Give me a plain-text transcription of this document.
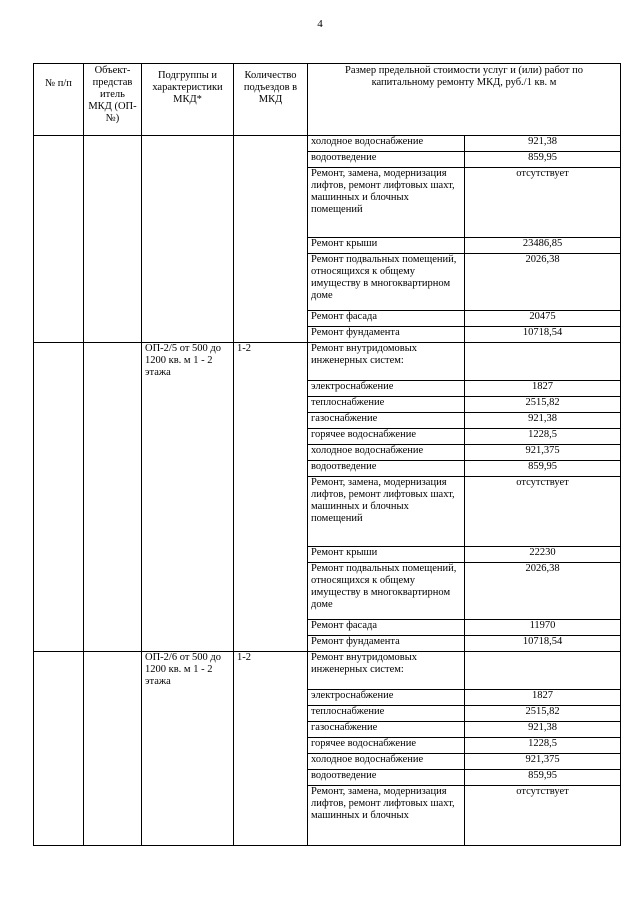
4
№ п/п	Объект-представ итель МКД (ОП-№)	Подгруппы и характеристики МКД*	Количество подъездов в МКД	Размер предельной стоимости услуг и (или) работ по капитальному ремонту МКД, руб./1 кв. м	
				холодное водоснабжение	921,38
				водоотведение	859,95
				Ремонт, замена, модернизация лифтов, ремонт лифтовых шахт, машинных и блочных помещений	отсутствует
				Ремонт крыши	23486,85
				Ремонт подвальных помещений, относящихся к общему имуществу в многоквартирном доме	2026,38
				Ремонт фасада	20475
				Ремонт фундамента	10718,54
		ОП-2/5 от 500 до 1200 кв. м 1 - 2 этажа	1-2	Ремонт внутридомовых инженерных систем:	
				электроснабжение	1827
				теплоснабжение	2515,82
				газоснабжение	921,38
				горячее водоснабжение	1228,5
				холодное водоснабжение	921,375
				водоотведение	859,95
				Ремонт, замена, модернизация лифтов, ремонт лифтовых шахт, машинных и блочных помещений	отсутствует
				Ремонт крыши	22230
				Ремонт подвальных помещений, относящихся к общему имуществу в многоквартирном доме	2026,38
				Ремонт фасада	11970
				Ремонт фундамента	10718,54
		ОП-2/6 от 500 до 1200 кв. м 1 - 2 этажа	1-2	Ремонт внутридомовых инженерных систем:	
				электроснабжение	1827
				теплоснабжение	2515,82
				газоснабжение	921,38
				горячее водоснабжение	1228,5
				холодное водоснабжение	921,375
				водоотведение	859,95
				Ремонт, замена, модернизация лифтов, ремонт лифтовых шахт, машинных и блочных	отсутствует
